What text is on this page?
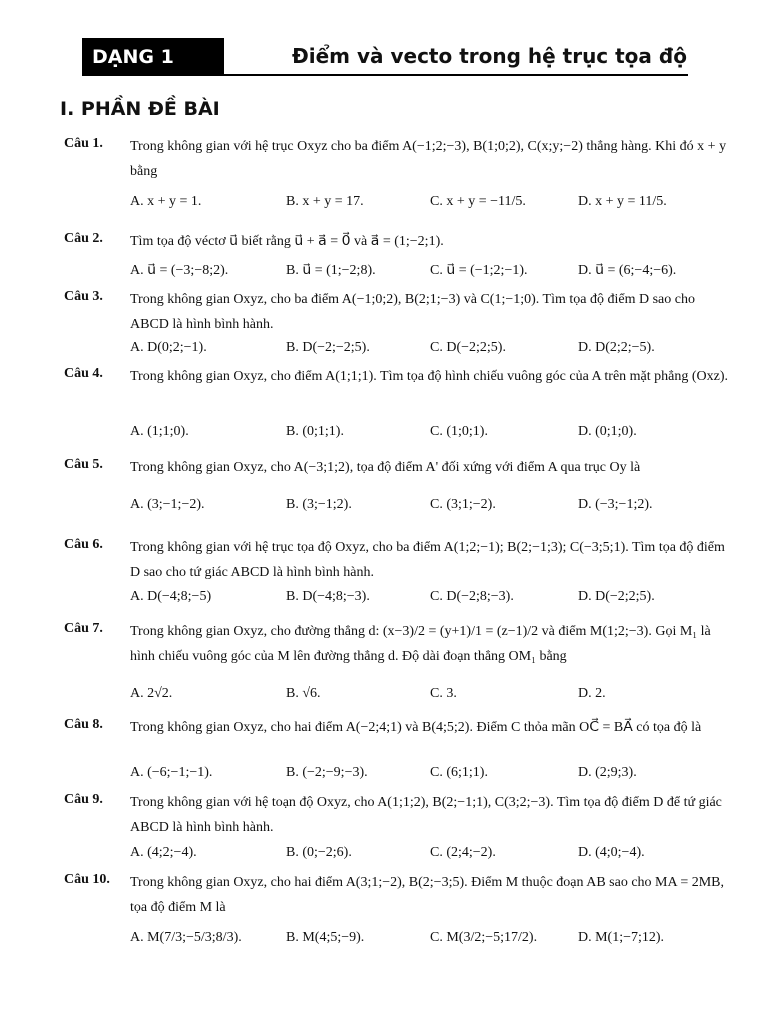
DẠNG 1	Điểm và vecto trong hệ trục tọa độ
I. PHẦN ĐỀ BÀI
Câu 1. Trong không gian với hệ trục Oxyz cho ba điểm A(−1;2;−3), B(1;0;2), C(x;y;−2) thẳng hàng. Khi đó x + y bằng
A. x + y = 1.	B. x + y = 17.	C. x + y = −11/5.	D. x + y = 11/5.
Câu 2. Tìm tọa độ véctơ u⃗ biết rằng u⃗ + a⃗ = 0⃗ và a⃗ = (1;−2;1).
A. u⃗ = (−3;−8;2).	B. u⃗ = (1;−2;8).	C. u⃗ = (−1;2;−1).	D. u⃗ = (6;−4;−6).
Câu 3. Trong không gian Oxyz, cho ba điểm A(−1;0;2), B(2;1;−3) và C(1;−1;0). Tìm tọa độ điểm D sao cho ABCD là hình bình hành.
A. D(0;2;−1).	B. D(−2;−2;5).	C. D(−2;2;5).	D. D(2;2;−5).
Câu 4. Trong không gian Oxyz, cho điểm A(1;1;1). Tìm tọa độ hình chiếu vuông góc của A trên mặt phẳng (Oxz).
A. (1;1;0).	B. (0;1;1).	C. (1;0;1).	D. (0;1;0).
Câu 5. Trong không gian Oxyz, cho A(−3;1;2), tọa độ điểm A' đối xứng với điểm A qua trục Oy là
A. (3;−1;−2).	B. (3;−1;2).	C. (3;1;−2).	D. (−3;−1;2).
Câu 6. Trong không gian với hệ trục tọa độ Oxyz, cho ba điểm A(1;2;−1); B(2;−1;3); C(−3;5;1). Tìm tọa độ điểm D sao cho tứ giác ABCD là hình bình hành.
A. D(−4;8;−5)	B. D(−4;8;−3).	C. D(−2;8;−3).	D. D(−2;2;5).
Câu 7. Trong không gian Oxyz, cho đường thẳng d: (x−3)/2 = (y+1)/1 = (z−1)/2 và điểm M(1;2;−3). Gọi M₁ là hình chiếu vuông góc của M lên đường thẳng d. Độ dài đoạn thẳng OM₁ bằng
A. 2√2.	B. √6.	C. 3.	D. 2.
Câu 8. Trong không gian Oxyz, cho hai điểm A(−2;4;1) và B(4;5;2). Điểm C thỏa mãn OC⃗ = BA⃗ có tọa độ là
A. (−6;−1;−1).	B. (−2;−9;−3).	C. (6;1;1).	D. (2;9;3).
Câu 9. Trong không gian với hệ toạn độ Oxyz, cho A(1;1;2), B(2;−1;1), C(3;2;−3). Tìm tọa độ điểm D để tứ giác ABCD là hình bình hành.
A. (4;2;−4).	B. (0;−2;6).	C. (2;4;−2).	D. (4;0;−4).
Câu 10. Trong không gian Oxyz, cho hai điểm A(3;1;−2), B(2;−3;5). Điểm M thuộc đoạn AB sao cho MA = 2MB, tọa độ điểm M là
A. M(7/3;−5/3;8/3).	B. M(4;5;−9).	C. M(3/2;−5;17/2).	D. M(1;−7;12).
